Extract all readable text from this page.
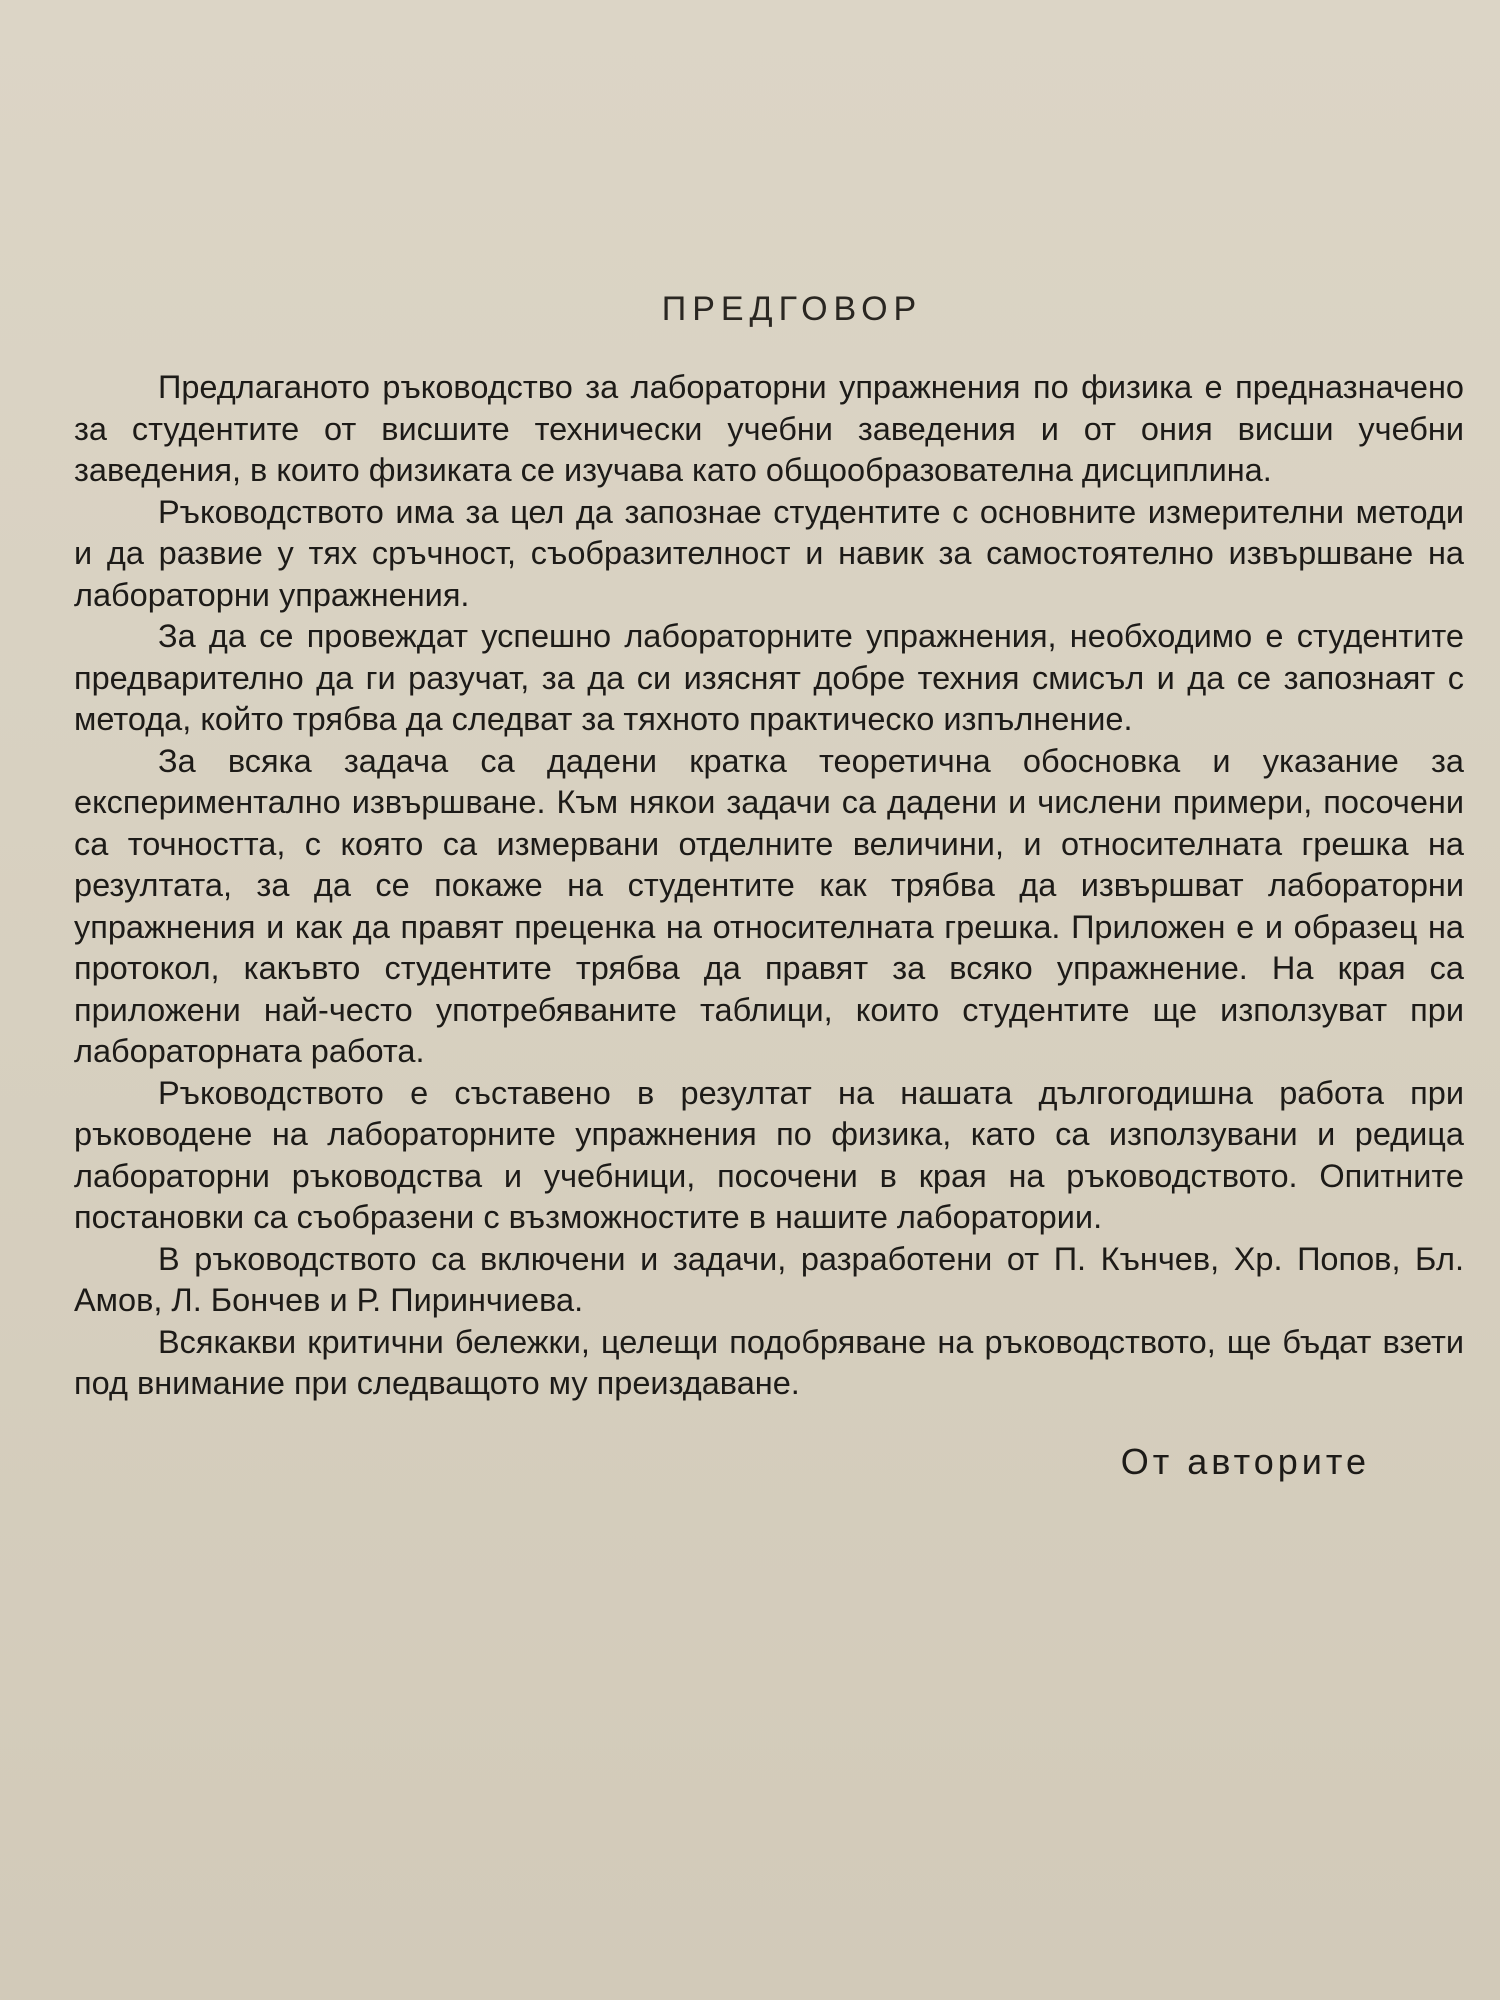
ПРЕДГОВОР

Предлаганото ръководство за лабораторни упражнения по физика е предназначено за студентите от висшите технически учебни заведения и от ония висши учебни заведения, в които физиката се изучава като общообразователна дисциплина.

Ръководството има за цел да запознае студентите с основните измерителни методи и да развие у тях сръчност, съобразителност и навик за самостоятелно извършване на лабораторни упражнения.

За да се провеждат успешно лабораторните упражнения, необходимо е студентите предварително да ги разучат, за да си изяснят добре техния смисъл и да се запознаят с метода, който трябва да следват за тяхното практическо изпълнение.

За всяка задача са дадени кратка теоретична обосновка и указание за експериментално извършване. Към някои задачи са дадени и числени примери, посочени са точността, с която са измервани отделните величини, и относителната грешка на резултата, за да се покаже на студентите как трябва да извършват лабораторни упражнения и как да правят преценка на относителната грешка. Приложен е и образец на протокол, какъвто студентите трябва да правят за всяко упражнение. На края са приложени най-често употребяваните таблици, които студентите ще използуват при лабораторната работа.

Ръководството е съставено в резултат на нашата дългогодишна работа при ръководене на лабораторните упражнения по физика, като са използувани и редица лабораторни ръководства и учебници, посочени в края на ръководството. Опитните постановки са съобразени с възможностите в нашите лаборатории.

В ръководството са включени и задачи, разработени от П. Кънчев, Хр. Попов, Бл. Амов, Л. Бончев и Р. Пиринчиева.

Всякакви критични бележки, целещи подобряване на ръководството, ще бъдат взети под внимание при следващото му преиздаване.

От авторите
